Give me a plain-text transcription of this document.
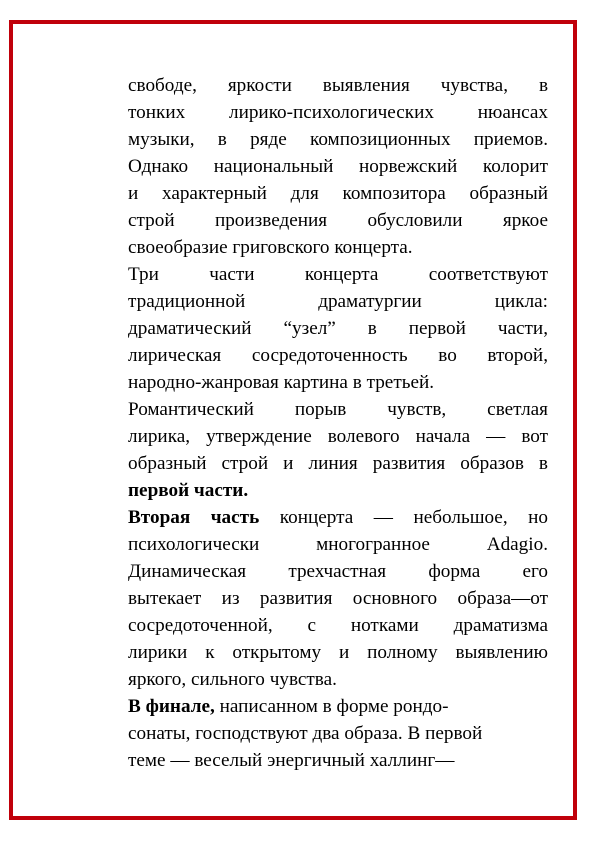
свободе, яркости выявления чувства, в
тонких лирико-психологических нюансах
музыки, в ряде композиционных приемов.
Однако национальный норвежский колорит
и характерный для композитора образный
строй произведения обусловили яркое
своеобразие григовского концерта.
Три части концерта соответствуют
традиционной драматургии цикла:
драматический “узел” в первой части,
лирическая сосредоточенность во второй,
народно-жанровая картина в третьей.
Романтический порыв чувств, светлая
лирика, утверждение волевого начала — вот
образный строй и линия развития образов в
первой части.
Вторая часть концерта — небольшое, но
психологически многогранное Adagio.
Динамическая трехчастная форма его
вытекает из развития основного образа—от
сосредоточенной, с нотками драматизма
лирики к открытому и полному выявлению
яркого, сильного чувства.
В финале, написанном в форме рондо-
сонаты, господствуют два образа. В первой
теме — веселый энергичный халлинг—
